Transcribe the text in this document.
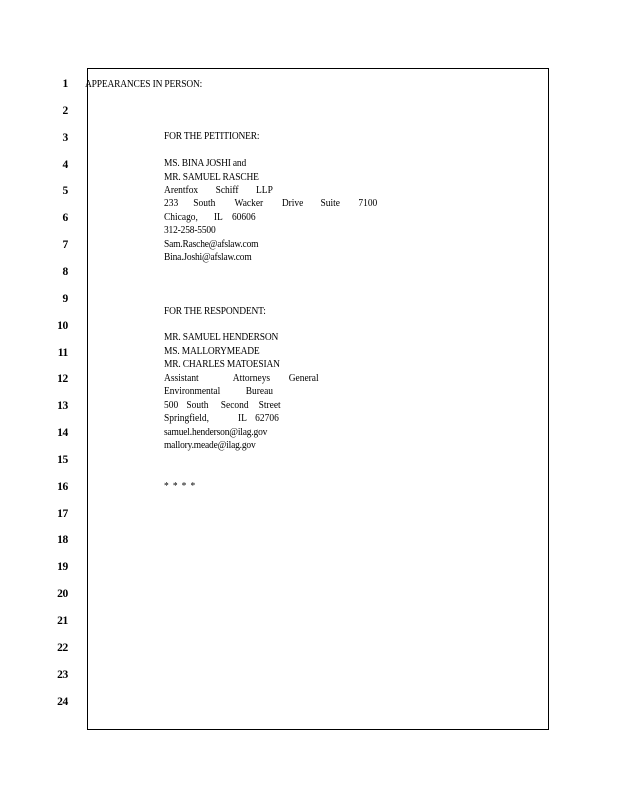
1
2
3
4
5
6
7
8
9
10
11
12
13
14
15
16
17
18
19
20
21
22
23
24
APPEARANCES IN PERSON:
FOR THE PETITIONER:
MS. BINA JOSHI and
MR. SAMUEL RASCHE
Arentfox Schiff LLP
233 South Wacker Drive Suite 7100
Chicago, IL 60606
312-258-5500
Sam.Rasche@afslaw.com
Bina.Joshi@afslaw.com
FOR THE RESPONDENT:
MR. SAMUEL HENDERSON
MS. MALLORYMEADE
MR. CHARLES MATOESIAN
Assistant	Attorneys General
Environmental Bureau
500 South Second Street
Springfield,	IL 62706
samuel.henderson@ilag.gov
mallory.meade@ilag.gov
* * * *
